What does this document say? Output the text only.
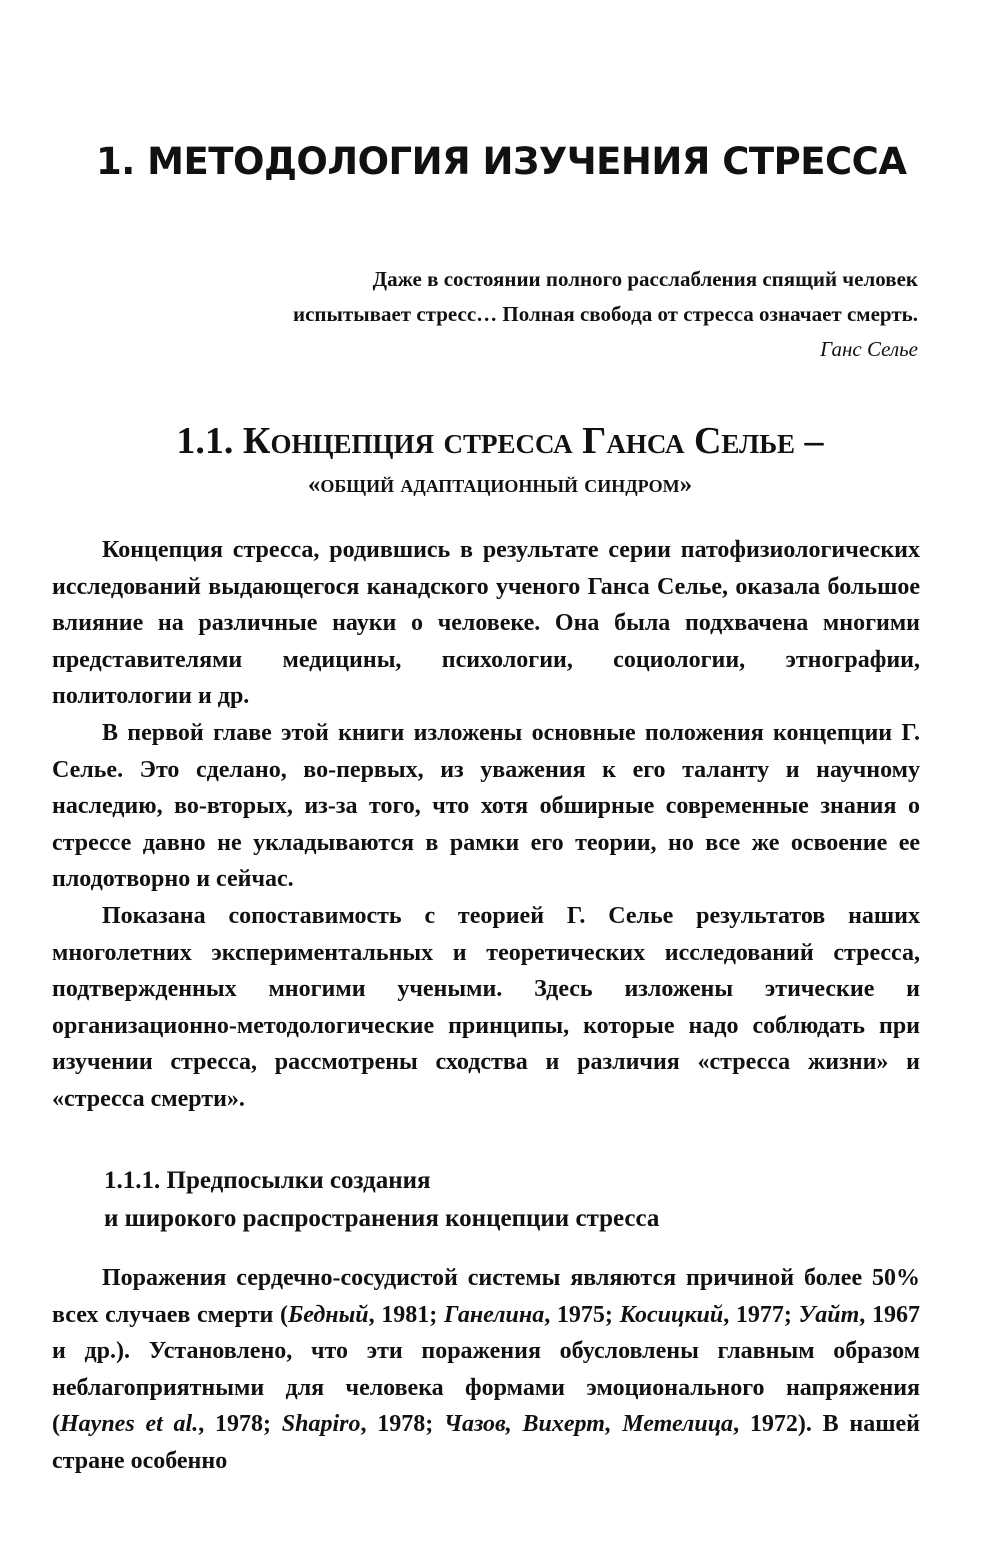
1. МЕТОДОЛОГИЯ ИЗУЧЕНИЯ СТРЕССА
Даже в состоянии полного расслабления спящий человек
испытывает стресс… Полная свобода от стресса означает смерть.
Ганс Селье
1.1. Концепция стресса Ганса Селье –
«общий адаптационный синдром»

Концепция стресса, родившись в результате серии патофизиологических исследований выдающегося канадского ученого Ганса Селье, оказала большое влияние на различные науки о человеке. Она была подхвачена многими представителями медицины, психологии, социологии, этнографии, политологии и др.

В первой главе этой книги изложены основные положения концепции Г. Селье. Это сделано, во-первых, из уважения к его таланту и научному наследию, во-вторых, из-за того, что хотя обширные современные знания о стрессе давно не укладываются в рамки его теории, но все же освоение ее плодотворно и сейчас.

Показана сопоставимость с теорией Г. Селье результатов наших многолетних экспериментальных и теоретических исследований стресса, подтвержденных многими учеными. Здесь изложены этические и организационно-методологические принципы, которые надо соблюдать при изучении стресса, рассмотрены сходства и различия «стресса жизни» и «стресса смерти».

1.1.1. Предпосылки создания
и широкого распространения концепции стресса

Поражения сердечно-сосудистой системы являются причиной более 50% всех случаев смерти (Бедный, 1981; Ганелина, 1975; Косицкий, 1977; Уайт, 1967 и др.). Установлено, что эти поражения обусловлены главным образом неблагоприятными для человека формами эмоционального напряжения (Haynes et al., 1978; Shapiro, 1978; Чазов, Вихерт, Метелица, 1972). В нашей стране особенно
